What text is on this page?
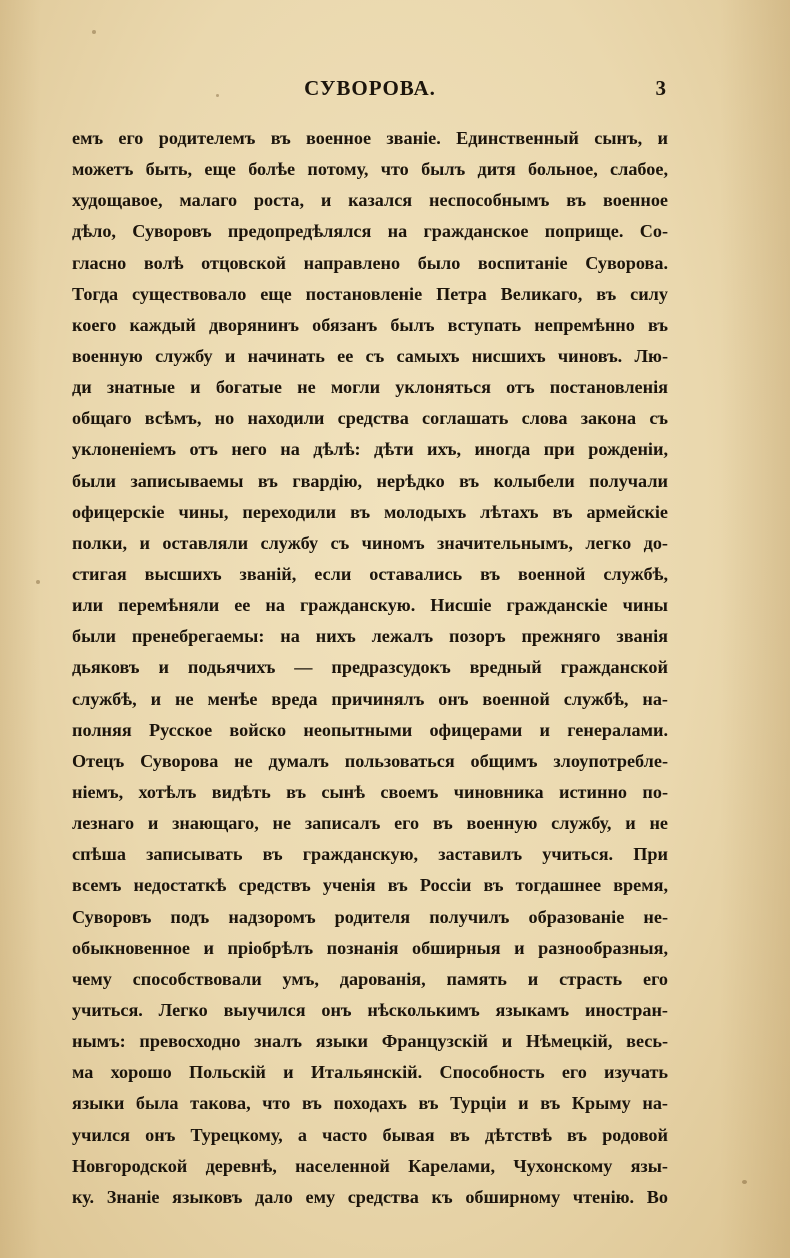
СУВОРОВА.	3
емъ его родителемъ въ военное званіе. Единственный сынъ, и
можетъ быть, еще болѣе потому, что былъ дитя больное, слабое,
худощавое, малаго роста, и казался неспособнымъ въ военное
дѣло, Суворовъ предопредѣлялся на гражданское поприще. Со-
гласно волѣ отцовской направлено было воспитаніе Суворова.
Тогда существовало еще постановленіе Петра Великаго, въ силу
коего каждый дворянинъ обязанъ былъ вступать непремѣнно въ
военную службу и начинать ее съ самыхъ нисшихъ чиновъ. Лю-
ди знатные и богатые не могли уклоняться отъ постановленія
общаго всѣмъ, но находили средства соглашать слова закона съ
уклоненіемъ отъ него на дѣлѣ: дѣти ихъ, иногда при рожденіи,
были записываемы въ гвардію, нерѣдко въ колыбели получали
офицерскіе чины, переходили въ молодыхъ лѣтахъ въ армейскіе
полки, и оставляли службу съ чиномъ значительнымъ, легко до-
стигая высшихъ званій, если оставались въ военной службѣ,
или перемѣняли ее на гражданскую. Нисшіе гражданскіе чины
были пренебрегаемы: на нихъ лежалъ позоръ прежняго званія
дьяковъ и подьячихъ — предразсудокъ вредный гражданской
службѣ, и не менѣе вреда причинялъ онъ военной службѣ, на-
полняя Русское войско неопытными офицерами и генералами.
Отецъ Суворова не думалъ пользоваться общимъ злоупотребле-
ніемъ, хотѣлъ видѣть въ сынѣ своемъ чиновника истинно по-
лезнаго и знающаго, не записалъ его въ военную службу, и не
спѣша записывать въ гражданскую, заставилъ учиться. При
всемъ недостаткѣ средствъ ученія въ Россіи въ тогдашнее время,
Суворовъ подъ надзоромъ родителя получилъ образованіе не-
обыкновенное и пріобрѣлъ познанія обширныя и разнообразныя,
чему способствовали умъ, дарованія, память и страсть его
учиться. Легко выучился онъ нѣсколькимъ языкамъ иностран-
нымъ: превосходно зналъ языки Французскій и Нѣмецкій, весь-
ма хорошо Польскій и Итальянскій. Способность его изучать
языки была такова, что въ походахъ въ Турціи и въ Крыму на-
учился онъ Турецкому, а часто бывая въ дѣтствѣ въ родовой
Новгородской деревнѣ, населенной Карелами, Чухонскому язы-
ку. Знаніе языковъ дало ему средства къ обширному чтенію. Во
